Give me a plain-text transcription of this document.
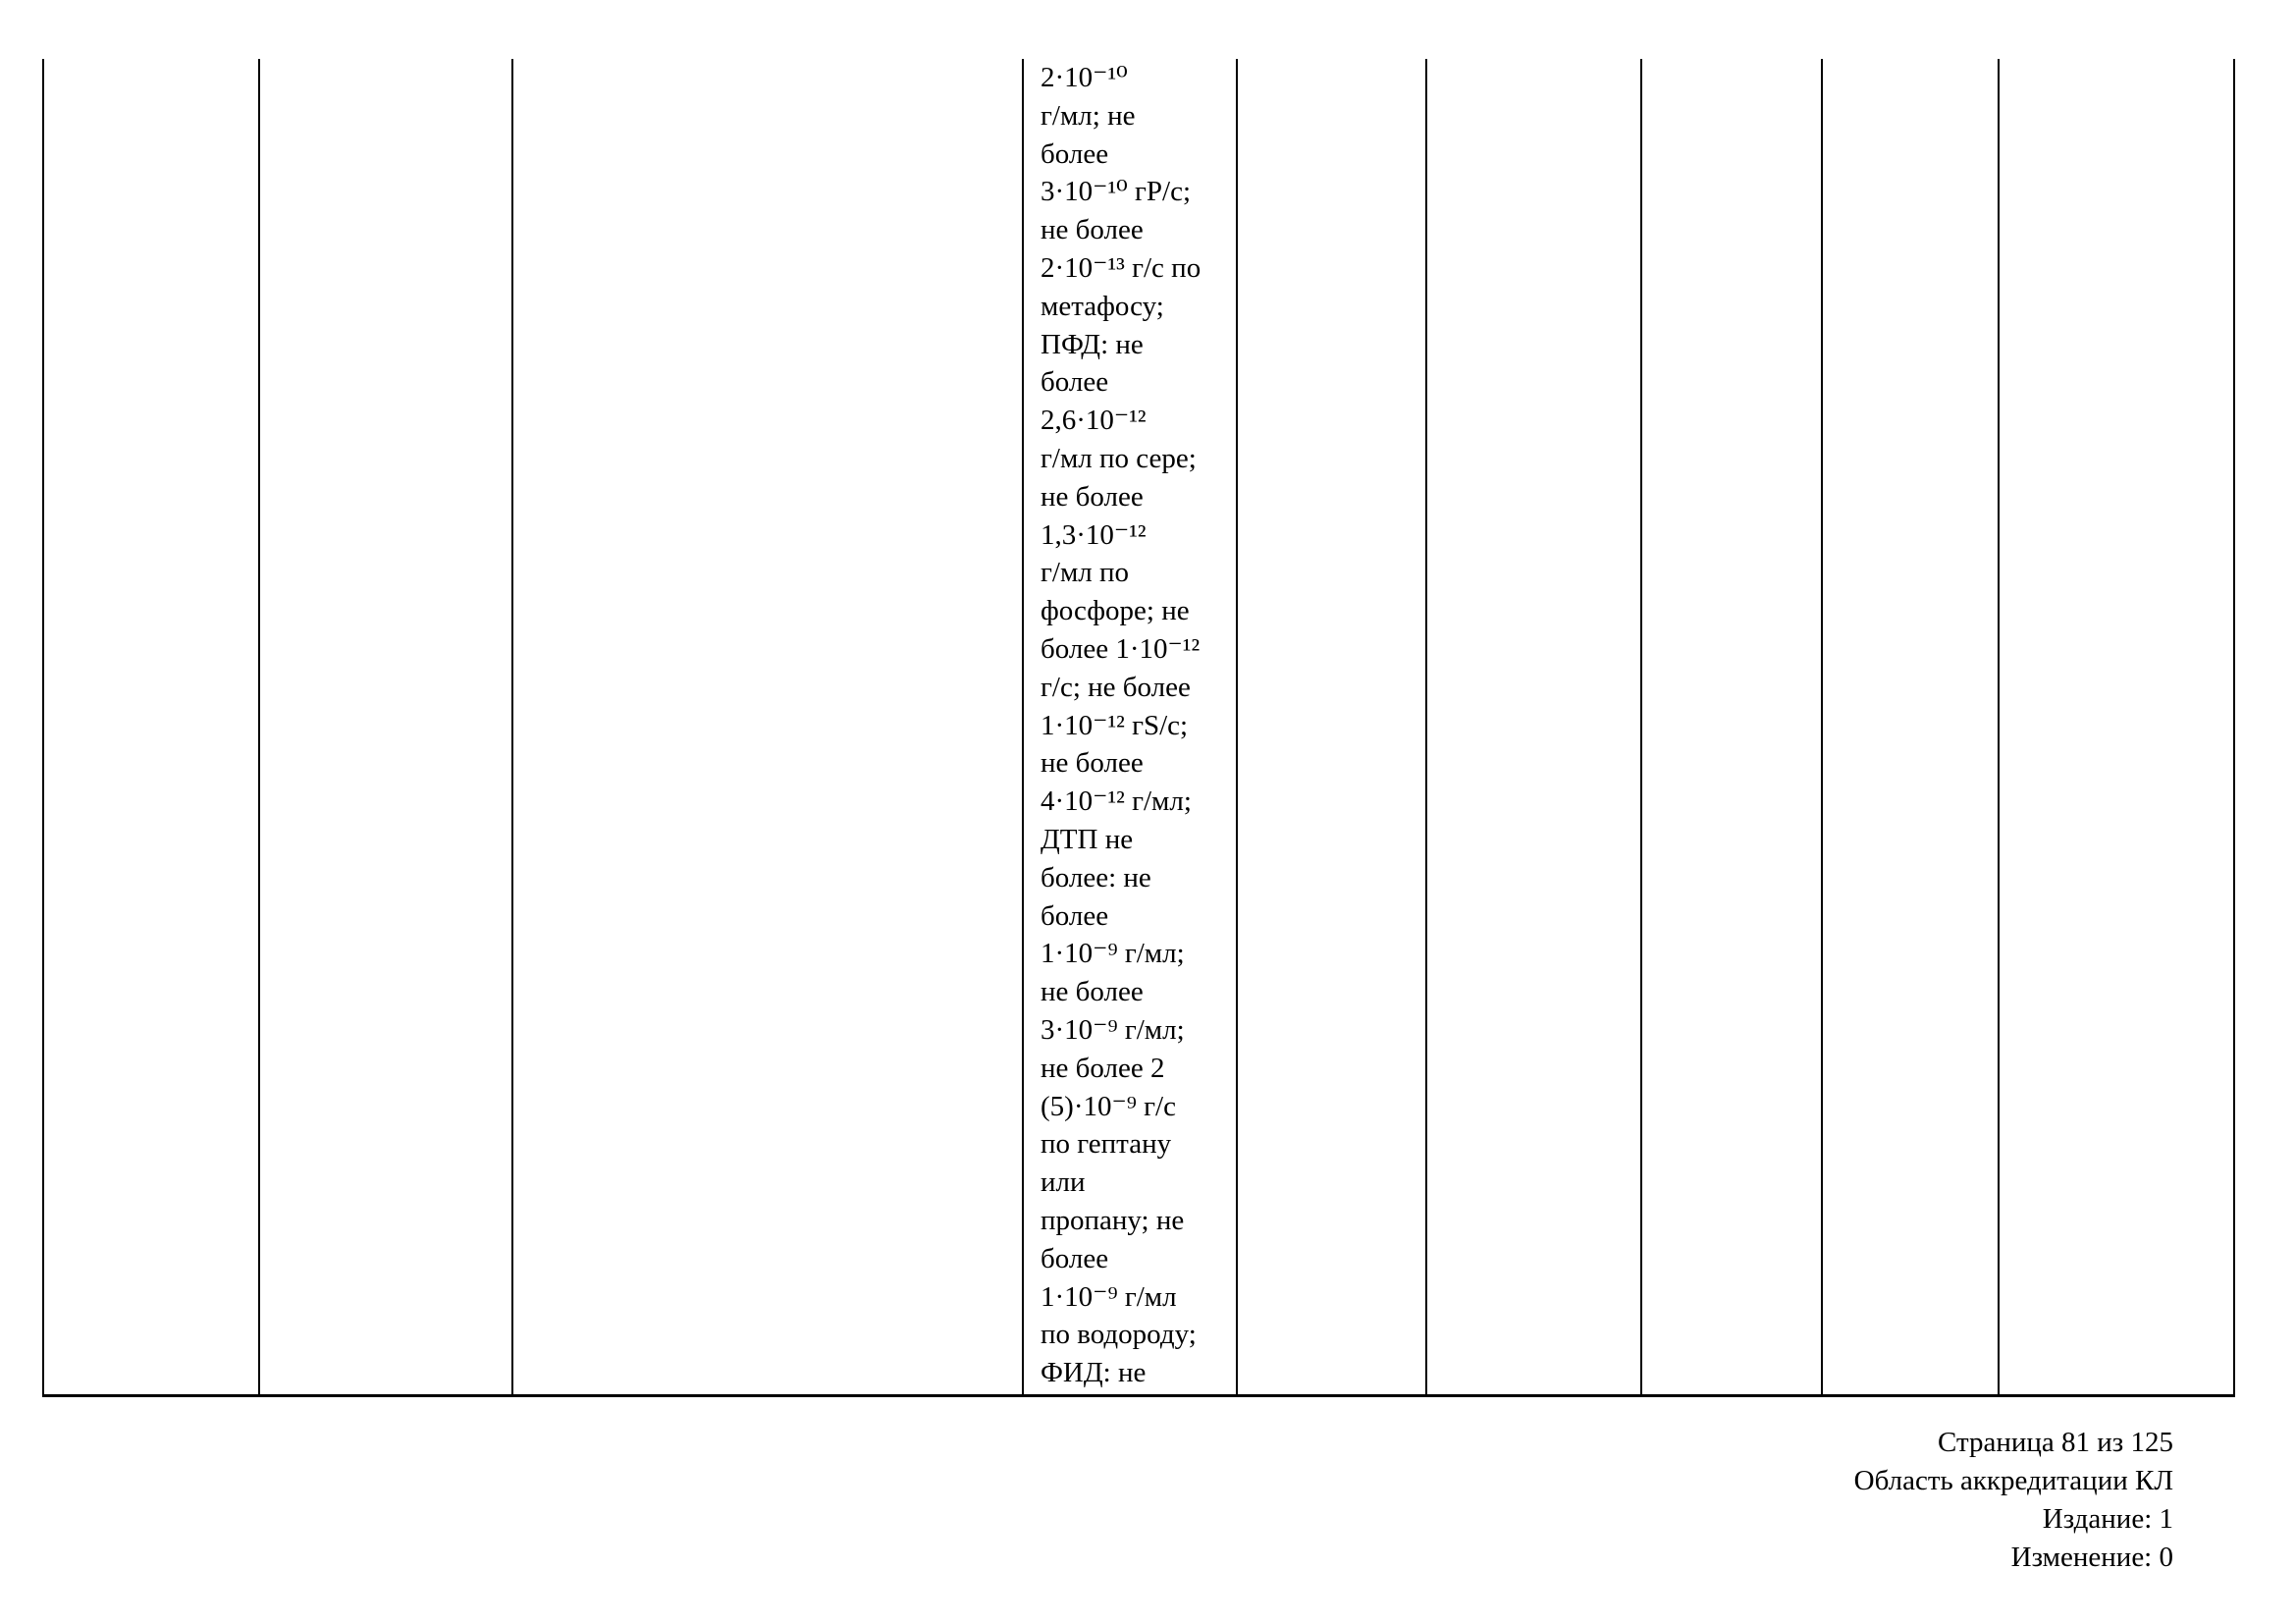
2·10⁻¹⁰
г/мл; не
более
3·10⁻¹⁰ гР/с;
не более
2·10⁻¹³ г/с по
метафосу;
ПФД: не
более
2,6·10⁻¹²
г/мл по сере;
не более
1,3·10⁻¹²
г/мл по
фосфоре; не
более 1·10⁻¹²
г/с; не более
1·10⁻¹² гS/с;
не более
4·10⁻¹² г/мл;
ДТП не
более: не
более
1·10⁻⁹ г/мл;
не более
3·10⁻⁹ г/мл;
не более 2
(5)·10⁻⁹ г/с
по гептану
или
пропану; не
более
1·10⁻⁹ г/мл
по водороду;
ФИД: не
Страница 81 из 125
Область аккредитации КЛ
Издание: 1
Изменение: 0
